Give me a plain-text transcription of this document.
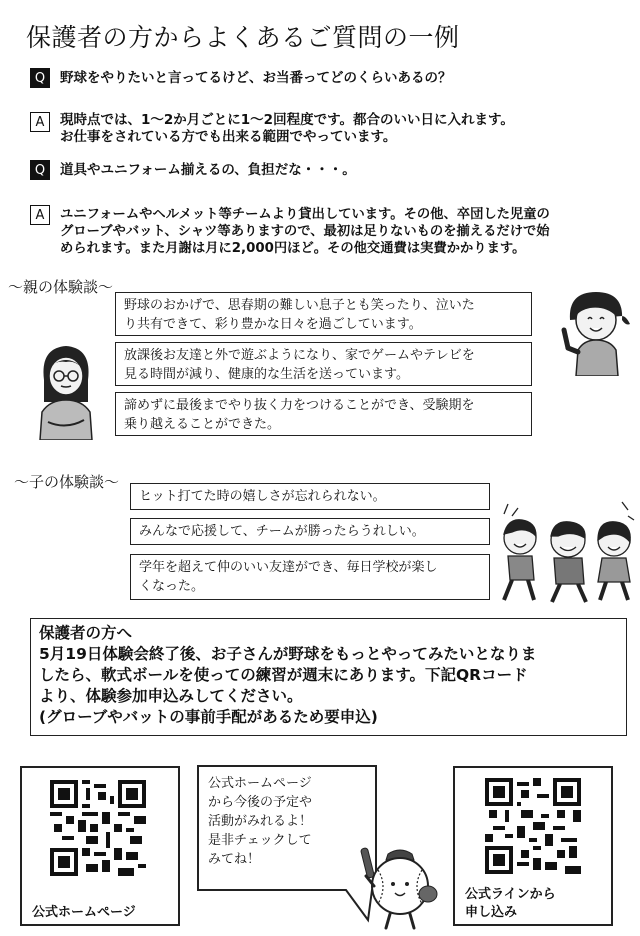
保護者の方からよくあるご質問の一例
Q	野球をやりたいと言ってるけど、お当番ってどのくらいあるの？
A	現時点では、1～2か月ごとに1～2回程度です。都合のいい日に入れます。
お仕事をされている方でも出来る範囲でやっています。
Q	道具やユニフォーム揃えるの、負担だな・・・。
A	ユニフォームやヘルメット等チームより貸出しています。その他、卒団した児童の
グローブやバット、シャツ等ありますので、最初は足りないものを揃えるだけで始
められます。また月謝は月に2,000円ほど。その他交通費は実費かかります。
～親の体験談～
野球のおかげで、思春期の難しい息子とも笑ったり、泣いた
り共有できて、彩り豊かな日々を過ごしています。
放課後お友達と外で遊ぶようになり、家でゲームやテレビを
見る時間が減り、健康的な生活を送っています。
諦めずに最後までやり抜く力をつけることができ、受験期を
乗り越えることができた。
～子の体験談～
ヒット打てた時の嬉しさが忘れられない。
みんなで応援して、チームが勝ったらうれしい。
学年を超えて仲のいい友達ができ、毎日学校が楽し
くなった。
保護者の方へ
5月19日体験会終了後、お子さんが野球をもっとやってみたいとなりま
したら、軟式ボールを使っての練習が週末にあります。下記QRコード
より、体験参加申込みしてください。
(グローブやバットの事前手配があるため要申込)
公式ホームページ
公式ホームページ
から今後の予定や
活動がみれるよ！
是非チェックして
みてね！
公式ラインから
申し込み
